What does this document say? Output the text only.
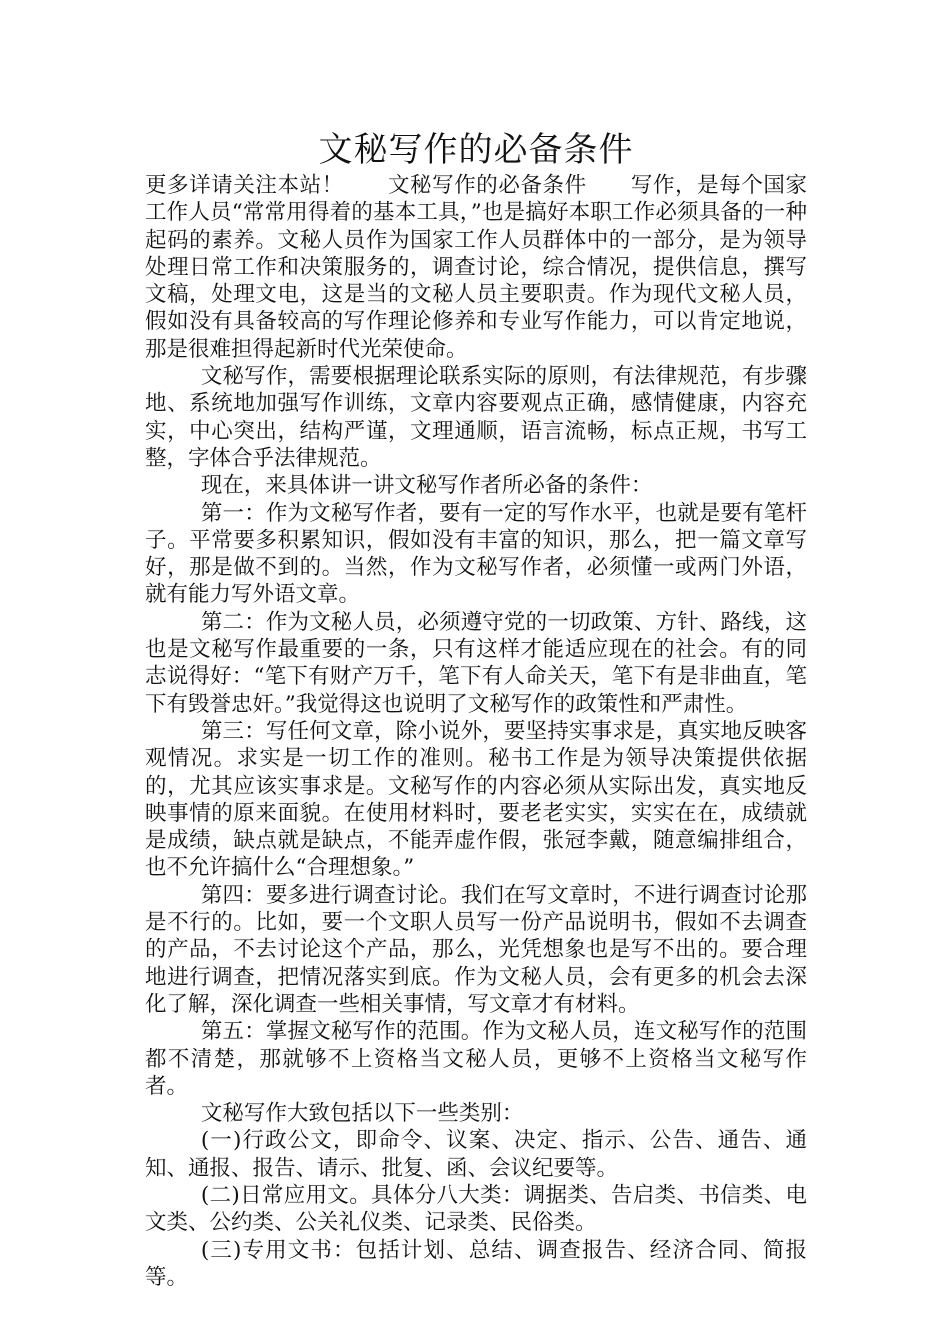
文秘写作的必备条件

更多详请关注本站！　　文秘写作的必备条件　　写作，是每个国家工作人员“常常用得着的基本工具，”也是搞好本职工作必须具备的一种起码的素养。文秘人员作为国家工作人员群体中的一部分，是为领导处理日常工作和决策服务的，调查讨论，综合情况，提供信息，撰写文稿，处理文电，这是当的文秘人员主要职责。作为现代文秘人员，假如没有具备较高的写作理论修养和专业写作能力，可以肯定地说，那是很难担得起新时代光荣使命。

文秘写作，需要根据理论联系实际的原则，有法律规范，有步骤地、系统地加强写作训练，文章内容要观点正确，感情健康，内容充实，中心突出，结构严谨，文理通顺，语言流畅，标点正规，书写工整，字体合乎法律规范。

现在，来具体讲一讲文秘写作者所必备的条件：

第一：作为文秘写作者，要有一定的写作水平，也就是要有笔杆子。平常要多积累知识，假如没有丰富的知识，那么，把一篇文章写好，那是做不到的。当然，作为文秘写作者，必须懂一或两门外语，就有能力写外语文章。

第二：作为文秘人员，必须遵守党的一切政策、方针、路线，这也是文秘写作最重要的一条，只有这样才能适应现在的社会。有的同志说得好：“笔下有财产万千，笔下有人命关天，笔下有是非曲直，笔下有毁誉忠奸。”我觉得这也说明了文秘写作的政策性和严肃性。

第三：写任何文章，除小说外，要坚持实事求是，真实地反映客观情况。求实是一切工作的准则。秘书工作是为领导决策提供依据的，尤其应该实事求是。文秘写作的内容必须从实际出发，真实地反映事情的原来面貌。在使用材料时，要老老实实，实实在在，成绩就是成绩，缺点就是缺点，不能弄虚作假，张冠李戴，随意编排组合，也不允许搞什么“合理想象。”

第四：要多进行调查讨论。我们在写文章时，不进行调查讨论那是不行的。比如，要一个文职人员写一份产品说明书，假如不去调查的产品，不去讨论这个产品，那么，光凭想象也是写不出的。要合理地进行调查，把情况落实到底。作为文秘人员，会有更多的机会去深化了解，深化调查一些相关事情，写文章才有材料。

第五：掌握文秘写作的范围。作为文秘人员，连文秘写作的范围都不清楚，那就够不上资格当文秘人员，更够不上资格当文秘写作者。

文秘写作大致包括以下一些类别：

(一)行政公文，即命令、议案、决定、指示、公告、通告、通知、通报、报告、请示、批复、函、会议纪要等。

(二)日常应用文。具体分八大类：调据类、告启类、书信类、电文类、公约类、公关礼仪类、记录类、民俗类。

(三)专用文书：包括计划、总结、调查报告、经济合同、简报等。
